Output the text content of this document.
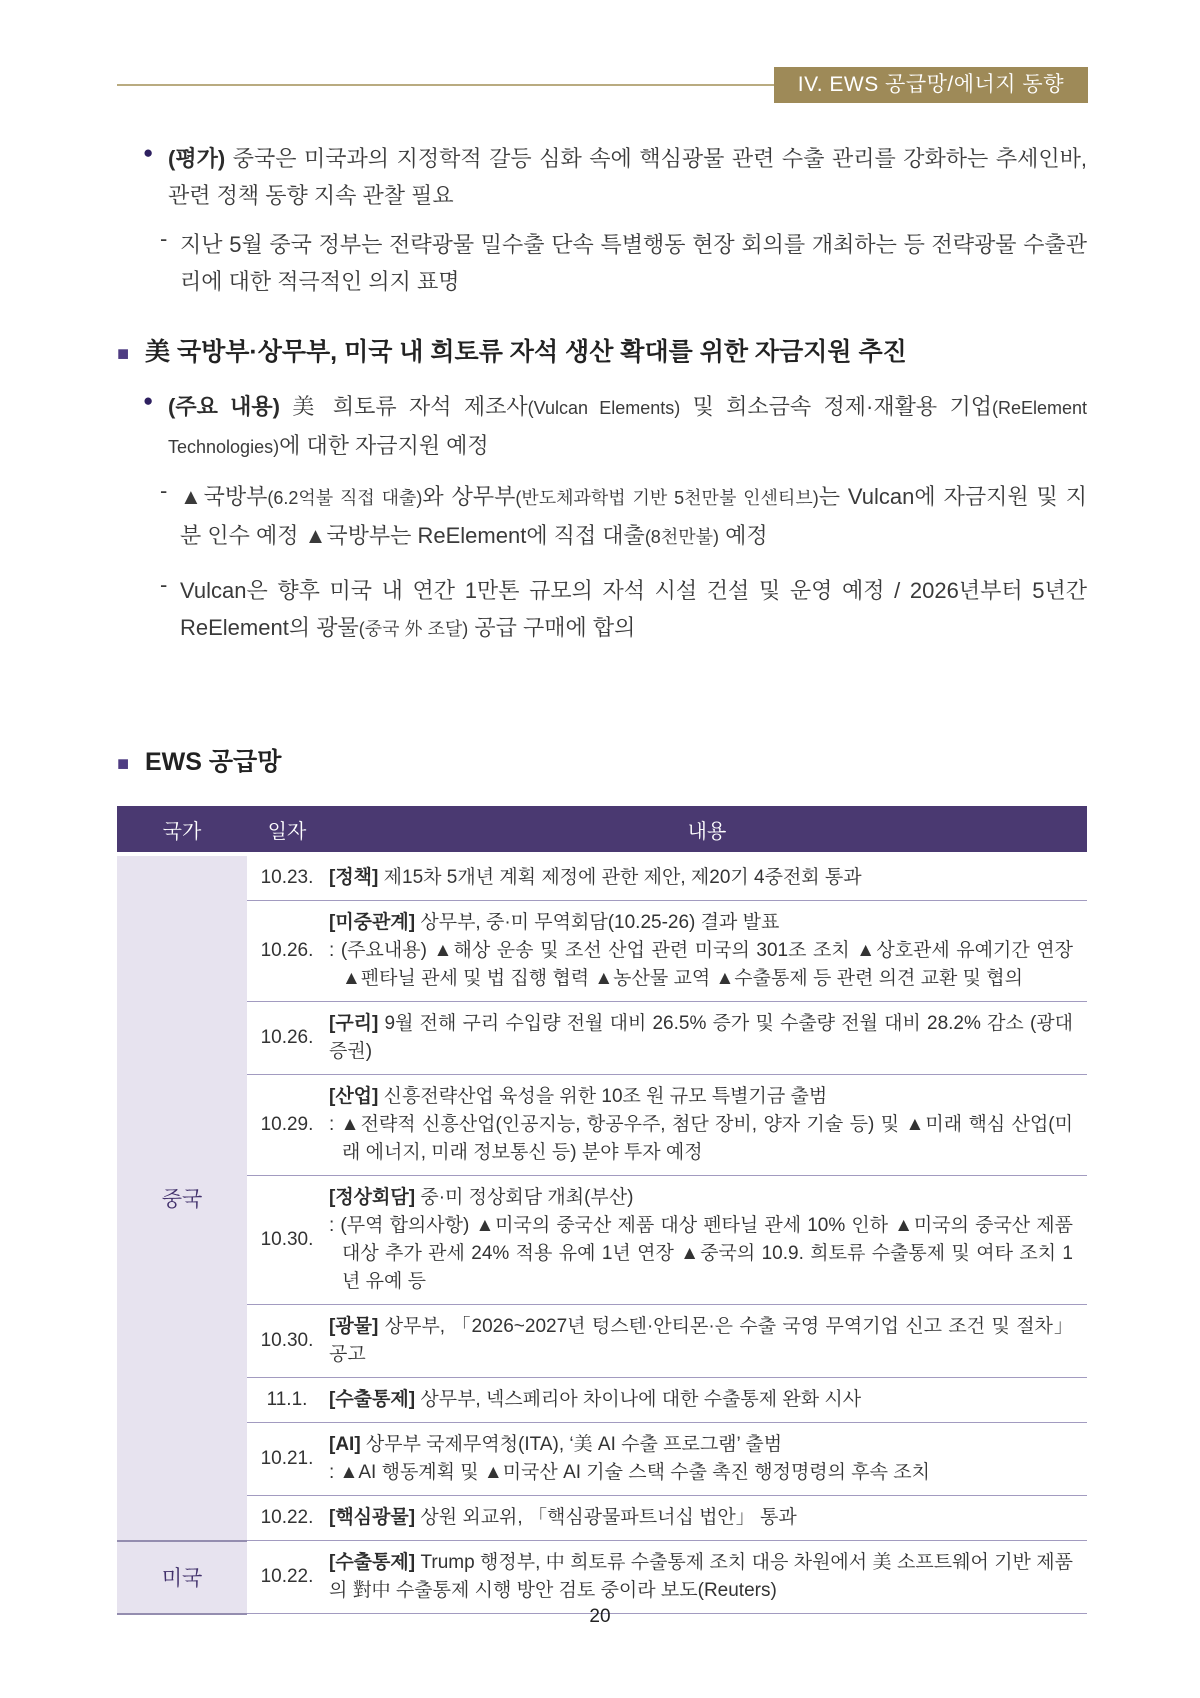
IV. EWS 공급망/에너지 동향
● (평가) 중국은 미국과의 지정학적 갈등 심화 속에 핵심광물 관련 수출 관리를 강화하는 추세인바, 관련 정책 동향 지속 관찰 필요
- 지난 5월 중국 정부는 전략광물 밀수출 단속 특별행동 현장 회의를 개최하는 등 전략광물 수출관리에 대한 적극적인 의지 표명
■ 美 국방부·상무부, 미국 내 희토류 자석 생산 확대를 위한 자금지원 추진
● (주요 내용) 美 희토류 자석 제조사(Vulcan Elements) 및 희소금속 정제·재활용 기업(ReElement Technologies)에 대한 자금지원 예정
- ▲국방부(6.2억불 직접 대출)와 상무부(반도체과학법 기반 5천만불 인센티브)는 Vulcan에 자금지원 및 지분 인수 예정 ▲국방부는 ReElement에 직접 대출(8천만불) 예정
- Vulcan은 향후 미국 내 연간 1만톤 규모의 자석 시설 건설 및 운영 예정 / 2026년부터 5년간 ReElement의 광물(중국 外 조달) 공급 구매에 합의
■ EWS 공급망
국가	일자	내용
중국	10.23.	[정책] 제15차 5개년 계획 제정에 관한 제안, 제20기 4중전회 통과

	10.26.	[미중관계] 상무부, 중·미 무역회담(10.25-26) 결과 발표
: (주요내용) ▲해상 운송 및 조선 산업 관련 미국의 301조 조치 ▲상호관세 유예기간 연장 ▲펜타닐 관세 및 법 집행 협력 ▲농산물 교역 ▲수출통제 등 관련 의견 교환 및 협의

	10.26.	[구리] 9월 전해 구리 수입량 전월 대비 26.5% 증가 및 수출량 전월 대비 28.2% 감소 (광대증권)

	10.29.	[산업] 신흥전략산업 육성을 위한 10조 원 규모 특별기금 출범
: ▲전략적 신흥산업(인공지능, 항공우주, 첨단 장비, 양자 기술 등) 및 ▲미래 핵심 산업(미래 에너지, 미래 정보통신 등) 분야 투자 예정

	10.30.	[정상회담] 중·미 정상회담 개최(부산)
: (무역 합의사항) ▲미국의 중국산 제품 대상 펜타닐 관세 10% 인하 ▲미국의 중국산 제품 대상 추가 관세 24% 적용 유예 1년 연장 ▲중국의 10.9. 희토류 수출통제 및 여타 조치 1년 유예 등

	10.30.	[광물] 상무부, 「2026~2027년 텅스텐·안티몬·은 수출 국영 무역기업 신고 조건 및 절차」 공고

	11.1.	[수출통제] 상무부, 넥스페리아 차이나에 대한 수출통제 완화 시사

	10.21.	[AI] 상무부 국제무역청(ITA), ‘美 AI 수출 프로그램’ 출범
: ▲AI 행동계획 및 ▲미국산 AI 기술 스택 수출 촉진 행정명령의 후속 조치

	10.22.	[핵심광물] 상원 외교위, 「핵심광물파트너십 법안」 통과

미국	10.22.	[수출통제] Trump 행정부, 中 희토류 수출통제 조치 대응 차원에서 美 소프트웨어 기반 제품의 對中 수출통제 시행 방안 검토 중이라 보도(Reuters)
20
